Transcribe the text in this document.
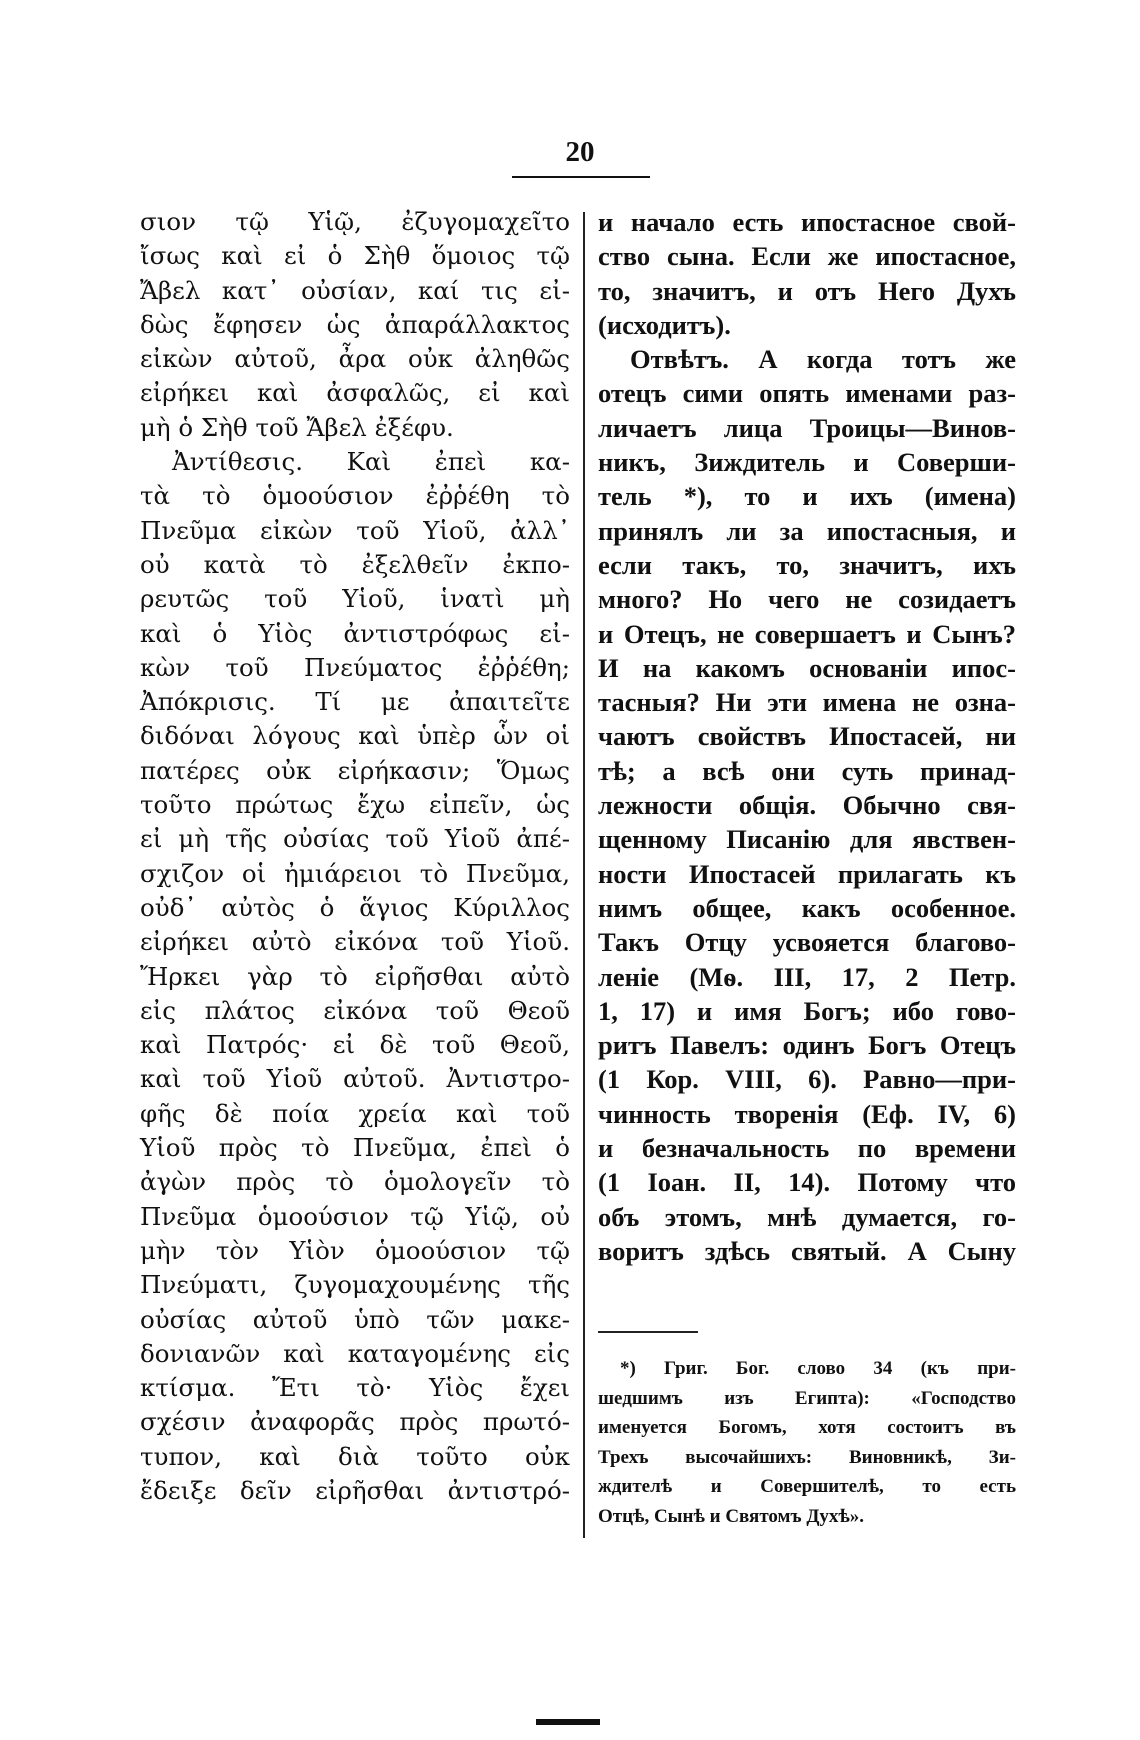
20
σιον τῷ Υἱῷ, ἐζυγομαχεῖτο
ἴσως καὶ εἰ ὁ Σὴθ ὅμοιος τῷ
Ἄβελ κατ᾽ οὐσίαν, καί τις εἰ-
δὼς ἔφησεν ὡς ἀπαράλλακτος
εἰκὼν αὐτοῦ, ἆρα οὐκ ἀληθῶς
εἰρήκει καὶ ἀσφαλῶς, εἰ καὶ
μὴ ὁ Σὴθ τοῦ Ἄβελ ἐξέφυ.
Ἀντίθεσις. Καὶ ἐπεὶ κα-
τὰ τὸ ὁμοούσιον ἐῤῥέθη τὸ
Πνεῦμα εἰκὼν τοῦ Υἱοῦ, ἀλλ᾽
οὐ κατὰ τὸ ἐξελθεῖν ἐκπο-
ρευτῶς τοῦ Υἱοῦ, ἱνατὶ μὴ
καὶ ὁ Υἱὸς ἀντιστρόφως εἰ-
κὼν τοῦ Πνεύματος ἐῤῥέθη;
Ἀπόκρισις. Τί με ἀπαιτεῖτε
διδόναι λόγους καὶ ὑπὲρ ὧν οἱ
πατέρες οὐκ εἰρήκασιν; Ὅμως
τοῦτο πρώτως ἔχω εἰπεῖν, ὡς
εἰ μὴ τῆς οὐσίας τοῦ Υἱοῦ ἀπέ-
σχιζον οἱ ἠμιάρειοι τὸ Πνεῦμα,
οὐδ᾽ αὐτὸς ὁ ἅγιος Κύριλλος
εἰρήκει αὐτὸ εἰκόνα τοῦ Υἱοῦ.
Ἤρκει γὰρ τὸ εἰρῆσθαι αὐτὸ
εἰς πλάτος εἰκόνα τοῦ Θεοῦ
καὶ Πατρός· εἰ δὲ τοῦ Θεοῦ,
καὶ τοῦ Υἱοῦ αὐτοῦ. Ἀντιστρο-
φῆς δὲ ποία χρεία καὶ τοῦ
Υἱοῦ πρὸς τὸ Πνεῦμα, ἐπεὶ ὁ
ἀγὼν πρὸς τὸ ὁμολογεῖν τὸ
Πνεῦμα ὁμοούσιον τῷ Υἱῷ, οὐ
μὴν τὸν Υἱὸν ὁμοούσιον τῷ
Πνεύματι, ζυγομαχουμένης τῆς
οὐσίας αὐτοῦ ὑπὸ τῶν μακε-
δονιανῶν καὶ καταγομένης εἰς
κτίσμα. Ἔτι τὸ· Υἱὸς ἔχει
σχέσιν ἀναφορᾶς πρὸς πρωτό-
τυπον, καὶ διὰ τοῦτο οὐκ
ἔδειξε δεῖν εἰρῆσθαι ἀντιστρό-
и начало есть ипостасное свой-
ство сына. Если же ипостасное,
то, значитъ, и отъ Него Духъ
(исходитъ).
Отвѣтъ. А когда тотъ же
отецъ сими опять именами раз-
личаетъ лица Троицы—Винов-
никъ, Зиждитель и Соверши-
тель *), то и ихъ (имена)
принялъ ли за ипостасныя, и
если такъ, то, значитъ, ихъ
много? Но чего не созидаетъ
и Отецъ, не совершаетъ и Сынъ?
И на какомъ основаніи ипос-
тасныя? Ни эти имена не озна-
чаютъ свойствъ Ипостасей, ни
тѣ; а всѣ они суть принад-
лежности общія. Обычно свя-
щенному Писанію для явствен-
ности Ипостасей прилагать къ
нимъ общее, какъ особенное.
Такъ Отцу усвояется благово-
леніе (Мѳ. III, 17, 2 Петр.
1, 17) и имя Богъ; ибо гово-
ритъ Павелъ: одинъ Богъ Отецъ
(1 Кор. VIII, 6). Равно—при-
чинность творенія (Еф. IV, 6)
и безначальность по времени
(1 Іоан. II, 14). Потому что
объ этомъ, мнѣ думается, го-
воритъ здѣсь святый. А Сыну
*) Григ. Бог. слово 34 (къ при-
шедшимъ изъ Египта): «Господство
именуется Богомъ, хотя состоитъ въ
Трехъ высочайшихъ: Виновникѣ, Зи-
ждителѣ и Совершителѣ, то есть
Отцѣ, Сынѣ и Святомъ Духѣ».
